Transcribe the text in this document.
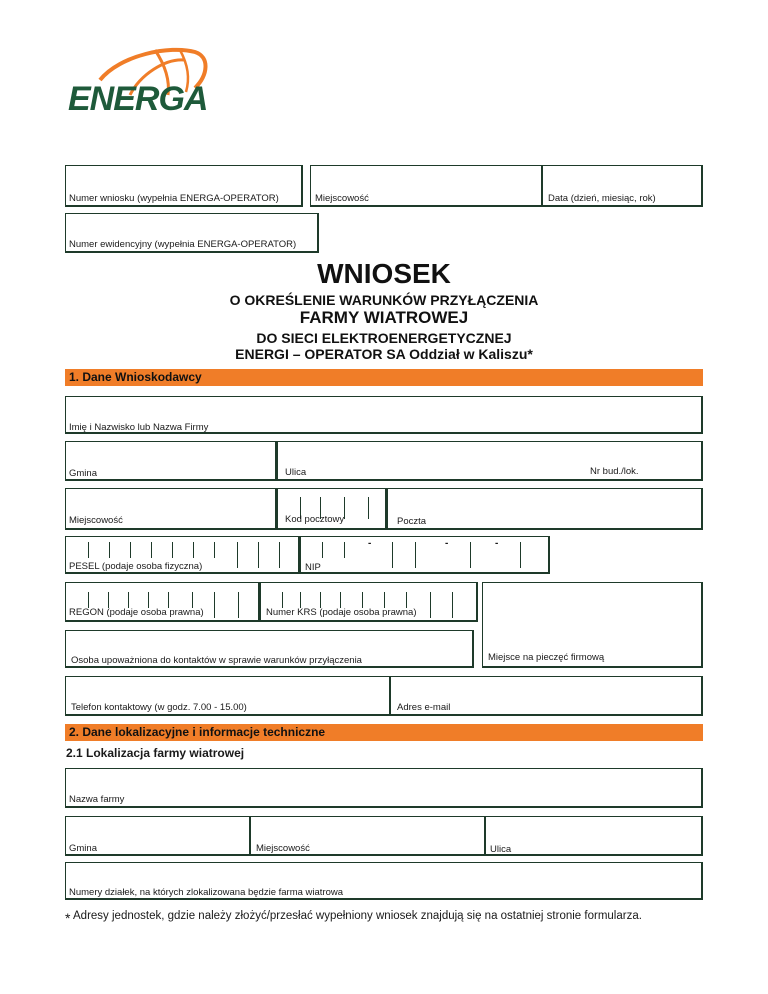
ENERGA
Numer wniosku (wypełnia ENERGA-OPERATOR)	Miejscowość	Data (dzień, miesiąc, rok)
Numer ewidencyjny (wypełnia ENERGA-OPERATOR)
WNIOSEK
O OKREŚLENIE WARUNKÓW PRZYŁĄCZENIA
FARMY WIATROWEJ
DO SIECI ELEKTROENERGETYCZNEJ
ENERGI – OPERATOR SA Oddział w Kaliszu*
1. Dane Wnioskodawcy
Imię i Nazwisko lub Nazwa Firmy
Gmina	Ulica	Nr bud./lok.
Miejscowość	Kod pocztowy	Poczta
PESEL (podaje osoba fizyczna)
-	-	-
NIP
REGON (podaje osoba prawna)	Numer KRS (podaje osoba prawna)
Miejsce na pieczęć firmową
Osoba upoważniona do kontaktów w sprawie warunków przyłączenia
Telefon kontaktowy (w godz. 7.00 - 15.00)	Adres e-mail
2. Dane lokalizacyjne i informacje techniczne
2.1 Lokalizacja farmy wiatrowej
Nazwa farmy
Gmina	Miejscowość	Ulica
Numery działek, na których zlokalizowana będzie farma wiatrowa
* Adresy jednostek, gdzie należy złożyć/przesłać wypełniony wniosek znajdują się na ostatniej stronie formularza.
